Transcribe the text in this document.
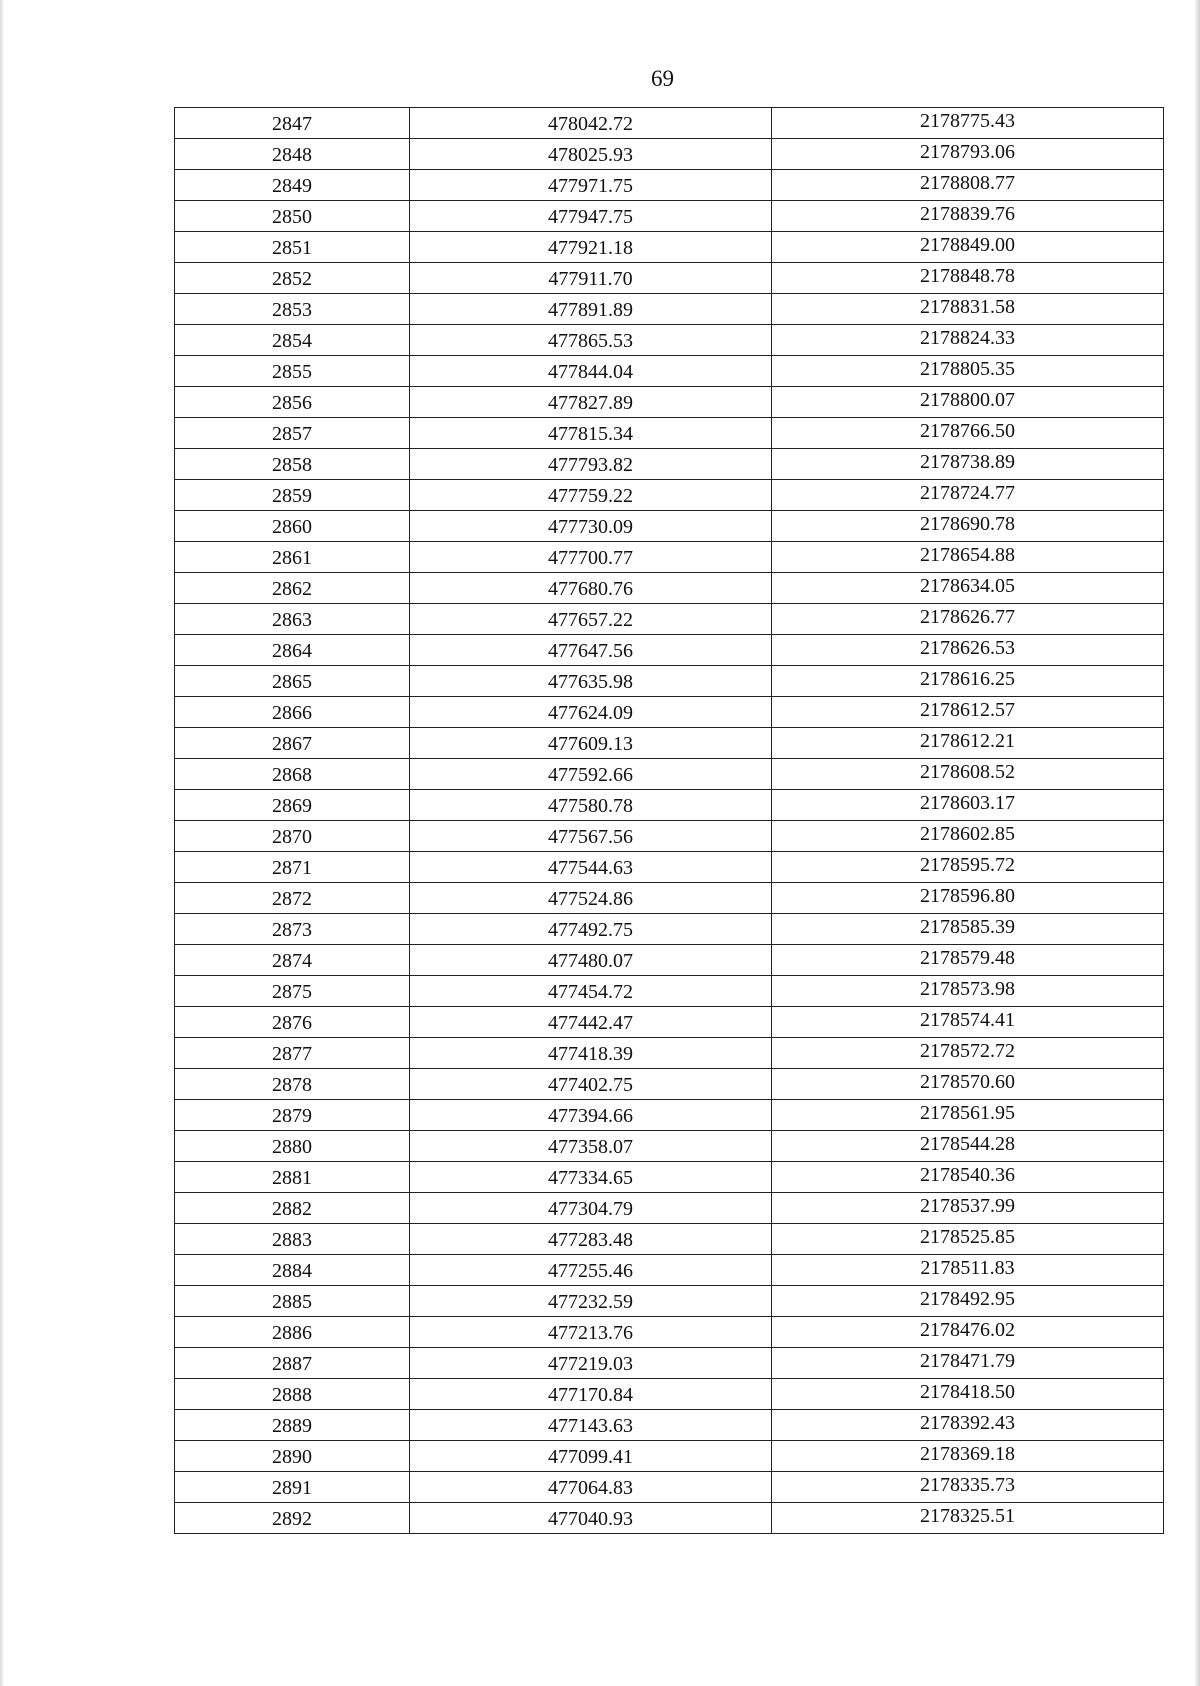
69
2847	478042.72	2178775.43
2848	478025.93	2178793.06
2849	477971.75	2178808.77
2850	477947.75	2178839.76
2851	477921.18	2178849.00
2852	477911.70	2178848.78
2853	477891.89	2178831.58
2854	477865.53	2178824.33
2855	477844.04	2178805.35
2856	477827.89	2178800.07
2857	477815.34	2178766.50
2858	477793.82	2178738.89
2859	477759.22	2178724.77
2860	477730.09	2178690.78
2861	477700.77	2178654.88
2862	477680.76	2178634.05
2863	477657.22	2178626.77
2864	477647.56	2178626.53
2865	477635.98	2178616.25
2866	477624.09	2178612.57
2867	477609.13	2178612.21
2868	477592.66	2178608.52
2869	477580.78	2178603.17
2870	477567.56	2178602.85
2871	477544.63	2178595.72
2872	477524.86	2178596.80
2873	477492.75	2178585.39
2874	477480.07	2178579.48
2875	477454.72	2178573.98
2876	477442.47	2178574.41
2877	477418.39	2178572.72
2878	477402.75	2178570.60
2879	477394.66	2178561.95
2880	477358.07	2178544.28
2881	477334.65	2178540.36
2882	477304.79	2178537.99
2883	477283.48	2178525.85
2884	477255.46	2178511.83
2885	477232.59	2178492.95
2886	477213.76	2178476.02
2887	477219.03	2178471.79
2888	477170.84	2178418.50
2889	477143.63	2178392.43
2890	477099.41	2178369.18
2891	477064.83	2178335.73
2892	477040.93	2178325.51
